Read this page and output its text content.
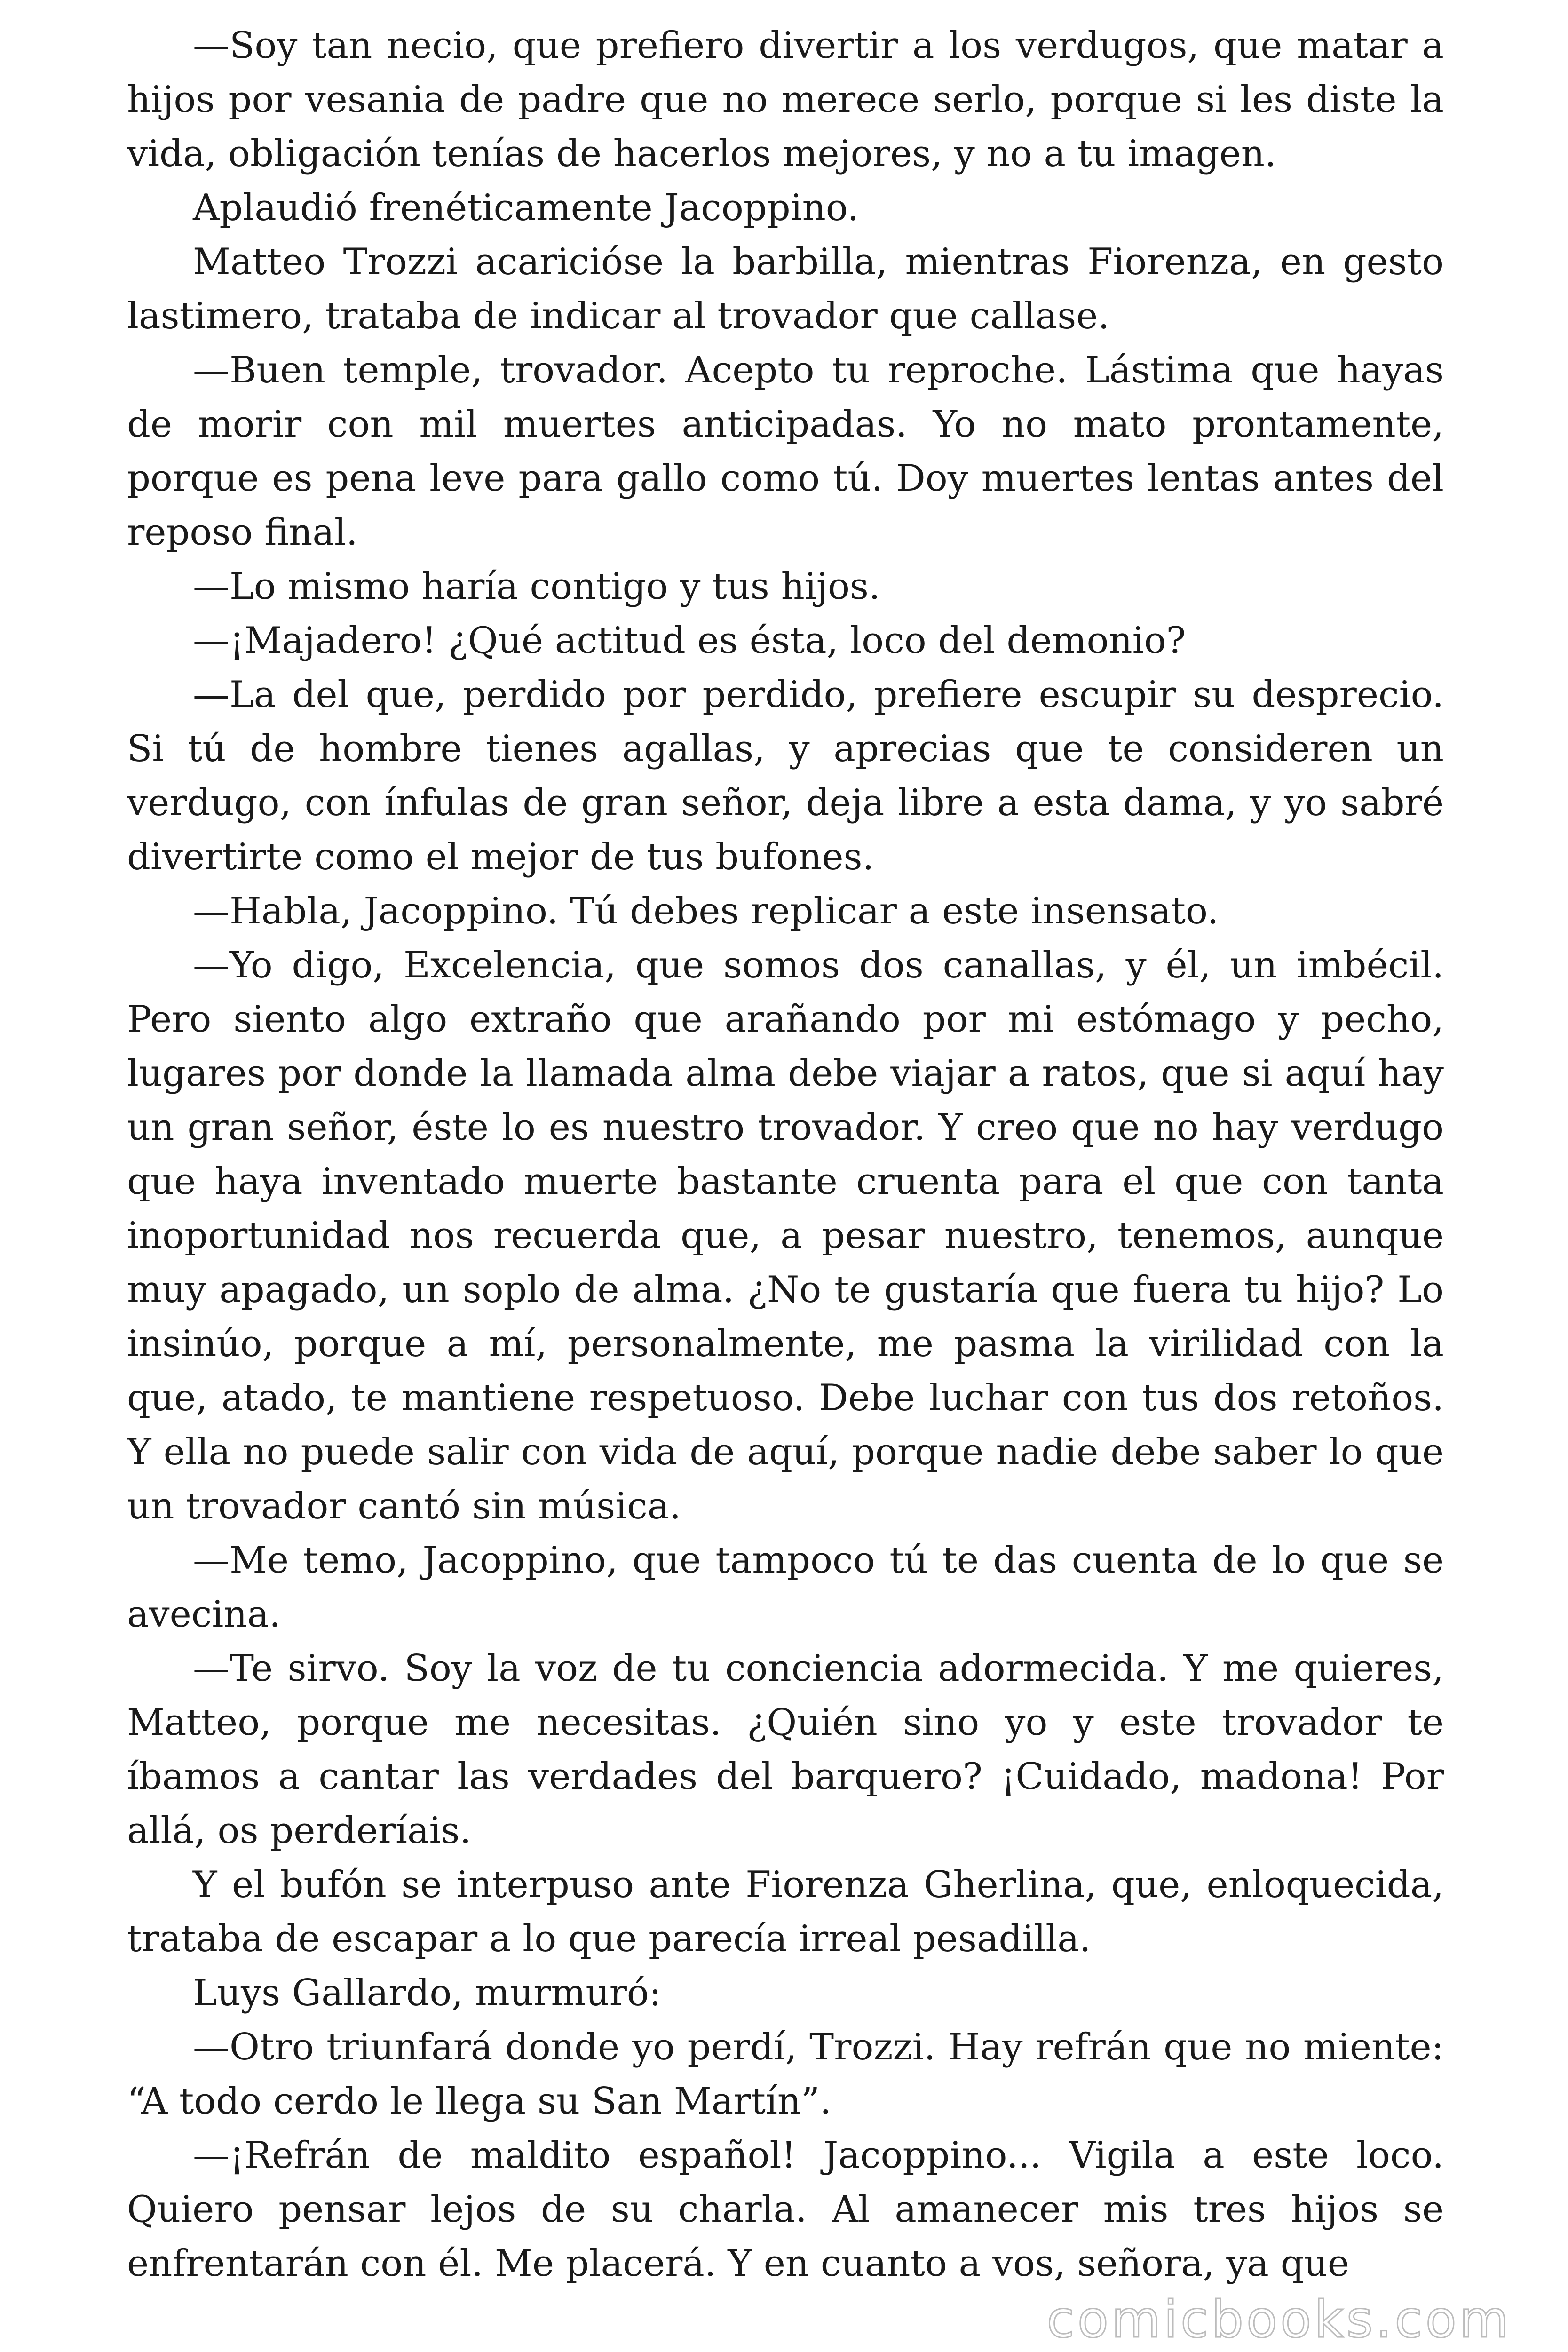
—Soy tan necio, que prefiero divertir a los verdugos, que matar a hijos por vesania de padre que no merece serlo, porque si les diste la vida, obligación tenías de hacerlos mejores, y no a tu imagen.

Aplaudió frenéticamente Jacoppino.

Matteo Trozzi acariciόse la barbilla, mientras Fiorenza, en gesto lastimero, trataba de indicar al trovador que callase.

—Buen temple, trovador. Acepto tu reproche. Lástima que hayas de morir con mil muertes anticipadas. Yo no mato prontamente, porque es pena leve para gallo como tú. Doy muertes lentas antes del reposo final.

—Lo mismo haría contigo y tus hijos.

—¡Majadero! ¿Qué actitud es ésta, loco del demonio?

—La del que, perdido por perdido, prefiere escupir su desprecio. Si tú de hombre tienes agallas, y aprecias que te consideren un verdugo, con ínfulas de gran señor, deja libre a esta dama, y yo sabré divertirte como el mejor de tus bufones.

—Habla, Jacoppino. Tú debes replicar a este insensato.

—Yo digo, Excelencia, que somos dos canallas, y él, un imbécil. Pero siento algo extraño que arañando por mi estómago y pecho, lugares por donde la llamada alma debe viajar a ratos, que si aquí hay un gran señor, éste lo es nuestro trovador. Y creo que no hay verdugo que haya inventado muerte bastante cruenta para el que con tanta inoportunidad nos recuerda que, a pesar nuestro, tenemos, aunque muy apagado, un soplo de alma. ¿No te gustaría que fuera tu hijo? Lo insinúo, porque a mí, personalmente, me pasma la virilidad con la que, atado, te mantiene respetuoso. Debe luchar con tus dos retoños. Y ella no puede salir con vida de aquí, porque nadie debe saber lo que un trovador cantó sin música.

—Me temo, Jacoppino, que tampoco tú te das cuenta de lo que se avecina.

—Te sirvo. Soy la voz de tu conciencia adormecida. Y me quieres, Matteo, porque me necesitas. ¿Quién sino yo y este trovador te íbamos a cantar las verdades del barquero? ¡Cuidado, madona! Por allá, os perderíais.

Y el bufón se interpuso ante Fiorenza Gherlina, que, enloquecida, trataba de escapar a lo que parecía irreal pesadilla.

Luys Gallardo, murmuró:

—Otro triunfará donde yo perdí, Trozzi. Hay refrán que no miente: “A todo cerdo le llega su San Martín”.

—¡Refrán de maldito español! Jacoppino... Vigila a este loco. Quiero pensar lejos de su charla. Al amanecer mis tres hijos se enfrentarán con él. Me placerá. Y en cuanto a vos, señora, ya que

comicbooks.com
